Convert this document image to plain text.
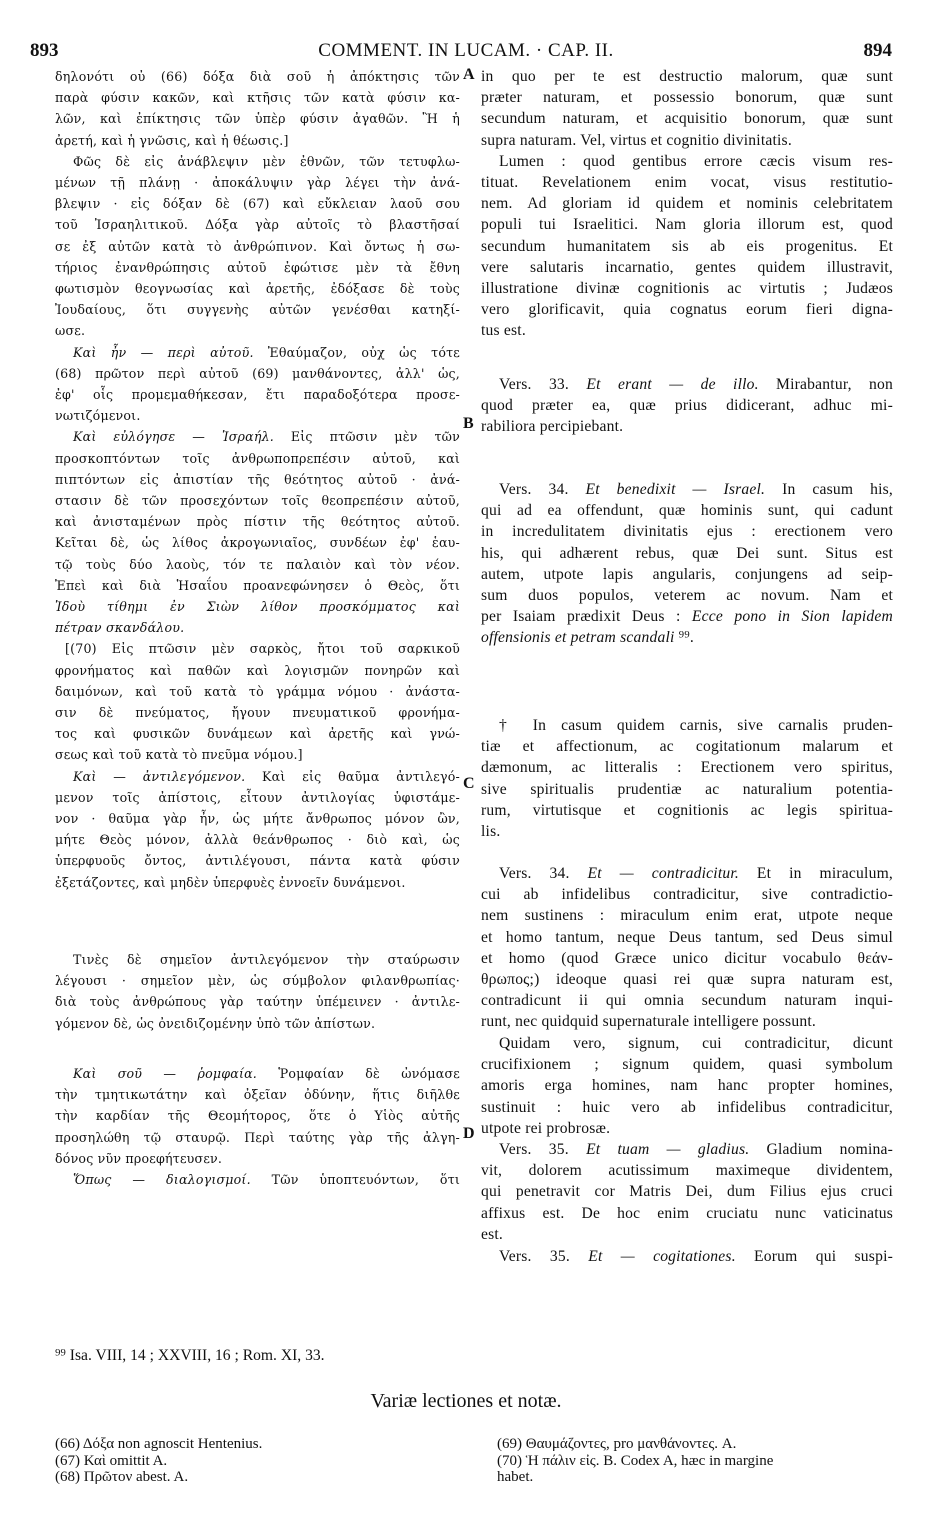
893	COMMENT. IN LUCAM. · CAP. II.	894
δηλονότι οὐ (66) δόξα διὰ σοῦ ἡ ἀπόκτησις τῶν
παρὰ φύσιν κακῶν, καὶ κτῆσις τῶν κατὰ φύσιν κα-
λῶν, καὶ ἐπίκτησις τῶν ὑπὲρ φύσιν ἀγαθῶν. Ἢ ἡ
ἀρετή, καὶ ἡ γνῶσις, καὶ ἡ θέωσις.]
Φῶς δὲ εἰς ἀνάβλεψιν μὲν ἐθνῶν, τῶν τετυφλω-
μένων τῇ πλάνῃ · ἀποκάλυψιν γὰρ λέγει τὴν ἀνά-
βλεψιν · εἰς δόξαν δὲ (67) καὶ εὔκλειαν λαοῦ σου
τοῦ Ἰσραηλιτικοῦ. Δόξα γὰρ αὐτοῖς τὸ βλαστῆσαί
σε ἐξ αὐτῶν κατὰ τὸ ἀνθρώπινον. Καὶ ὄντως ἡ σω-
τήριος ἐνανθρώπησις αὐτοῦ ἐφώτισε μὲν τὰ ἔθνη
φωτισμὸν θεογνωσίας καὶ ἀρετῆς, ἐδόξασε δὲ τοὺς
Ἰουδαίους, ὅτι συγγενὴς αὐτῶν γενέσθαι κατηξί-
ωσε.
Καὶ ἦν — περὶ αὐτοῦ. Ἐθαύμαζον, οὐχ ὡς τότε
(68) πρῶτον περὶ αὐτοῦ (69) μανθάνοντες, ἀλλ' ὡς,
ἐφ' οἷς προμεμαθήκεσαν, ἔτι παραδοξότερα προσε-
νωτιζόμενοι.
Καὶ εὐλόγησε — Ἰσραήλ. Εἰς πτῶσιν μὲν τῶν
προσκοπτόντων τοῖς ἀνθρωποπρεπέσιν αὐτοῦ, καὶ
πιπτόντων εἰς ἀπιστίαν τῆς θεότητος αὐτοῦ · ἀνά-
στασιν δὲ τῶν προσεχόντων τοῖς θεοπρεπέσιν αὐτοῦ,
καὶ ἀνισταμένων πρὸς πίστιν τῆς θεότητος αὐτοῦ.
Κεῖται δὲ, ὡς λίθος ἀκρογωνιαῖος, συνδέων ἐφ' ἑαυ-
τῷ τοὺς δύο λαοὺς, τόν τε παλαιὸν καὶ τὸν νέον.
Ἐπεὶ καὶ διὰ Ἡσαΐου προανεφώνησεν ὁ Θεὸς, ὅτι
Ἰδοὺ τίθημι ἐν Σιὼν λίθον προσκόμματος καὶ
πέτραν σκανδάλου.
[(70) Εἰς πτῶσιν μὲν σαρκὸς, ἤτοι τοῦ σαρκικοῦ
φρονήματος καὶ παθῶν καὶ λογισμῶν πονηρῶν καὶ
δαιμόνων, καὶ τοῦ κατὰ τὸ γράμμα νόμου · ἀνάστα-
σιν δὲ πνεύματος, ἤγουν πνευματικοῦ φρονήμα-
τος καὶ φυσικῶν δυνάμεων καὶ ἀρετῆς καὶ γνώ-
σεως καὶ τοῦ κατὰ τὸ πνεῦμα νόμου.]
Καὶ — ἀντιλεγόμενον. Καὶ εἰς θαῦμα ἀντιλεγό-
μενον τοῖς ἀπίστοις, εἶτουν ἀντιλογίας ὑφιστάμε-
νον · θαῦμα γὰρ ἦν, ὡς μήτε ἄνθρωπος μόνον ὢν,
μήτε Θεὸς μόνον, ἀλλὰ θεάνθρωπος · διὸ καὶ, ὡς
ὑπερφυοῦς ὄντος, ἀντιλέγουσι, πάντα κατὰ φύσιν
ἐξετάζοντες, καὶ μηδὲν ὑπερφυὲς ἐννοεῖν δυνάμενοι.
Τινὲς δὲ σημεῖον ἀντιλεγόμενον τὴν σταύρωσιν
λέγουσι · σημεῖον μὲν, ὡς σύμβολον φιλανθρωπίας·
διὰ τοὺς ἀνθρώπους γὰρ ταύτην ὑπέμεινεν · ἀντιλε-
γόμενον δὲ, ὡς ὀνειδιζομένην ὑπὸ τῶν ἀπίστων.
Καὶ σοῦ — ῥομφαία. Ῥομφαίαν δὲ ὠνόμασε
τὴν τμητικωτάτην καὶ ὀξεῖαν ὀδύνην, ἥτις διῆλθε
τὴν καρδίαν τῆς Θεομήτορος, ὅτε ὁ Υἱὸς αὐτῆς
προσηλώθη τῷ σταυρῷ. Περὶ ταύτης γὰρ τῆς ἀλγη-
δόνος νῦν προεφήτευσεν.
Ὅπως — διαλογισμοί. Τῶν ὑποπτευόντων, ὅτι
A
B
C
D
in quo per te est destructio malorum, quæ sunt
præter naturam, et possessio bonorum, quæ sunt
secundum naturam, et acquisitio bonorum, quæ sunt
supra naturam. Vel, virtus et cognitio divinitatis.
Lumen : quod gentibus errore cæcis visum res-
tituat. Revelationem enim vocat, visus restitutio-
nem. Ad gloriam id quidem et nominis celebritatem
populi tui Israelitici. Nam gloria illorum est, quod
secundum humanitatem sis ab eis progenitus. Et
vere salutaris incarnatio, gentes quidem illustravit,
illustratione divinæ cognitionis ac virtutis ; Judæos
vero glorificavit, quia cognatus eorum fieri digna-
tus est.
Vers. 33. Et erant — de illo. Mirabantur, non
quod præter ea, quæ prius didicerant, adhuc mi-
rabiliora percipiebant.
Vers. 34. Et benedixit — Israel. In casum his,
qui ad ea offendunt, quæ hominis sunt, qui cadunt
in incredulitatem divinitatis ejus : erectionem vero
his, qui adhærent rebus, quæ Dei sunt. Situs est
autem, utpote lapis angularis, conjungens ad seip-
sum duos populos, veterem ac novum. Nam et
per Isaiam prædixit Deus : Ecce pono in Sion lapidem
offensionis et petram scandali ⁹⁹.
† In casum quidem carnis, sive carnalis pruden-
tiæ et affectionum, ac cogitationum malarum et
dæmonum, ac litteralis : Erectionem vero spiritus,
sive spiritualis prudentiæ ac naturalium potentia-
rum, virtutisque et cognitionis ac legis spiritua-
lis.
Vers. 34. Et — contradicitur. Et in miraculum,
cui ab infidelibus contradicitur, sive contradictio-
nem sustinens : miraculum enim erat, utpote neque
et homo tantum, neque Deus tantum, sed Deus simul
et homo (quod Græce unico dicitur vocabulo θεάν-
θρωπος;) ideoque quasi rei quæ supra naturam est,
contradicunt ii qui omnia secundum naturam inqui-
runt, nec quidquid supernaturale intelligere possunt.
Quidam vero, signum, cui contradicitur, dicunt
crucifixionem ; signum quidem, quasi symbolum
amoris erga homines, nam hanc propter homines,
sustinuit : huic vero ab infidelibus contradicitur,
utpote rei probrosæ.
Vers. 35. Et tuam — gladius. Gladium nomina-
vit, dolorem acutissimum maximeque dividentem,
qui penetravit cor Matris Dei, dum Filius ejus cruci
affixus est. De hoc enim cruciatu nunc vaticinatus
est.
Vers. 35. Et — cogitationes. Eorum qui suspi-
⁹⁹ Isa. VIII, 14 ; XXVIII, 16 ; Rom. XI, 33.
Variæ lectiones et notæ.
(66) Δόξα non agnoscit Hentenius.
(67) Καὶ omittit A.
(68) Πρῶτον abest. A.
(69) Θαυμάζοντες, pro μανθάνοντες. A.
(70) Ἡ πάλιν εἰς. B. Codex A, hæc in margine
habet.
